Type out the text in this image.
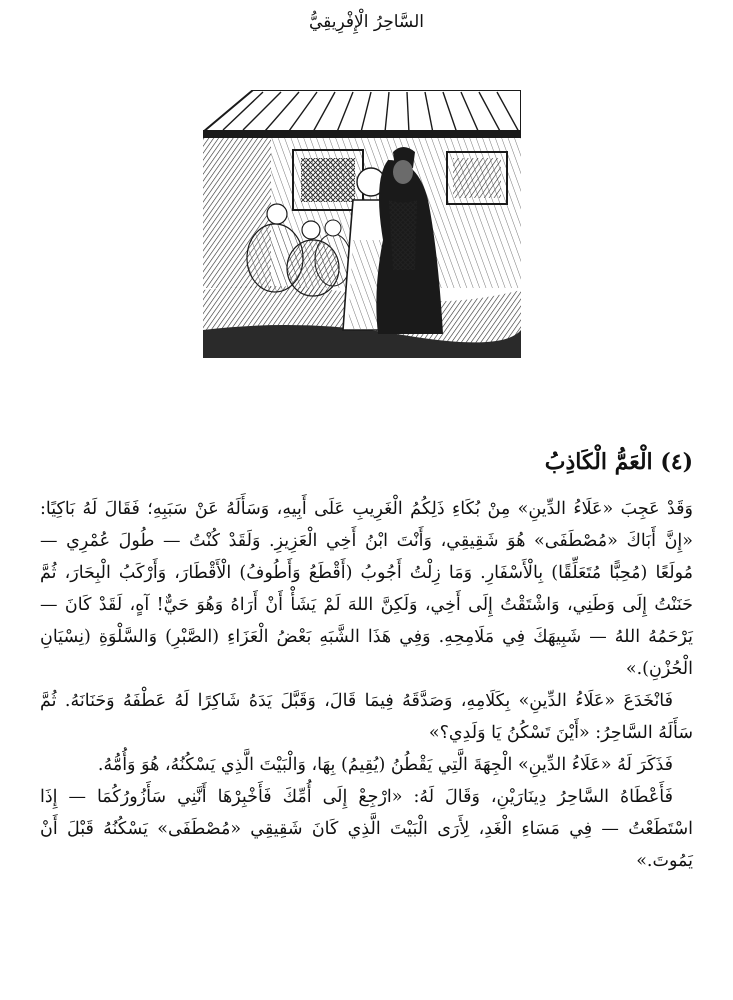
السَّاحِرُ الْإِفْرِيقِيُّ
(٤) الْعَمُّ الْكَاذِبُ

وَقَدْ عَجِبَ «عَلَاءُ الدِّينِ» مِنْ بُكَاءِ ذَلِكُمُ الْغَرِيبِ عَلَى أَبِيهِ، وَسَأَلَهُ عَنْ سَبَبِهِ؛ فَقَالَ لَهُ بَاكِيًا: «إِنَّ أَبَاكَ «مُصْطَفَى» هُوَ شَقِيقِي، وَأَنْتَ ابْنُ أَخِي الْعَزِيزِ. وَلَقَدْ كُنْتُ — طُولَ عُمْرِي — مُولَعًا (مُحِبًّا مُتَعَلِّقًا) بِالْأَسْفَارِ. وَمَا زِلْتُ أَجُوبُ (أَقْطَعُ وَأَطُوفُ) الْأَقْطَارَ، وَأَرْكَبُ الْبِحَارَ، ثُمَّ حَنَنْتُ إِلَى وَطَنِي، وَاشْتَقْتُ إِلَى أَخِي، وَلَكِنَّ اللهَ لَمْ يَشَأْ أَنْ أَرَاهُ وَهُوَ حَيٌّ! آهٍ، لَقَدْ كَانَ — يَرْحَمُهُ اللهُ — شَبِيهَكَ فِي مَلَامِحِهِ. وَفِي هَذَا الشَّبَهِ بَعْضُ الْعَزَاءِ (الصَّبْرِ) وَالسَّلْوَةِ (نِسْيَانِ الْحُزْنِ).»

فَانْخَدَعَ «عَلَاءُ الدِّينِ» بِكَلَامِهِ، وَصَدَّقَهُ فِيمَا قَالَ، وَقَبَّلَ يَدَهُ شَاكِرًا لَهُ عَطْفَهُ وَحَنَانَهُ. ثُمَّ سَأَلَهُ السَّاحِرُ: «أَيْنَ تَسْكُنُ يَا وَلَدِي؟»

فَذَكَرَ لَهُ «عَلَاءُ الدِّينِ» الْجِهَةَ الَّتِي يَقْطُنُ (يُقِيمُ) بِهَا، وَالْبَيْتَ الَّذِي يَسْكُنُهُ، هُوَ وَأُمُّهُ.

فَأَعْطَاهُ السَّاحِرُ دِينَارَيْنِ، وَقَالَ لَهُ: «ارْجِعْ إِلَى أُمِّكَ فَأَخْبِرْهَا أَنَّنِي سَأَزُورُكُمَا — إِذَا اسْتَطَعْتُ — فِي مَسَاءِ الْغَدِ، لِأَرَى الْبَيْتَ الَّذِي كَانَ شَقِيقِي «مُصْطَفَى» يَسْكُنُهُ قَبْلَ أَنْ يَمُوتَ.»
